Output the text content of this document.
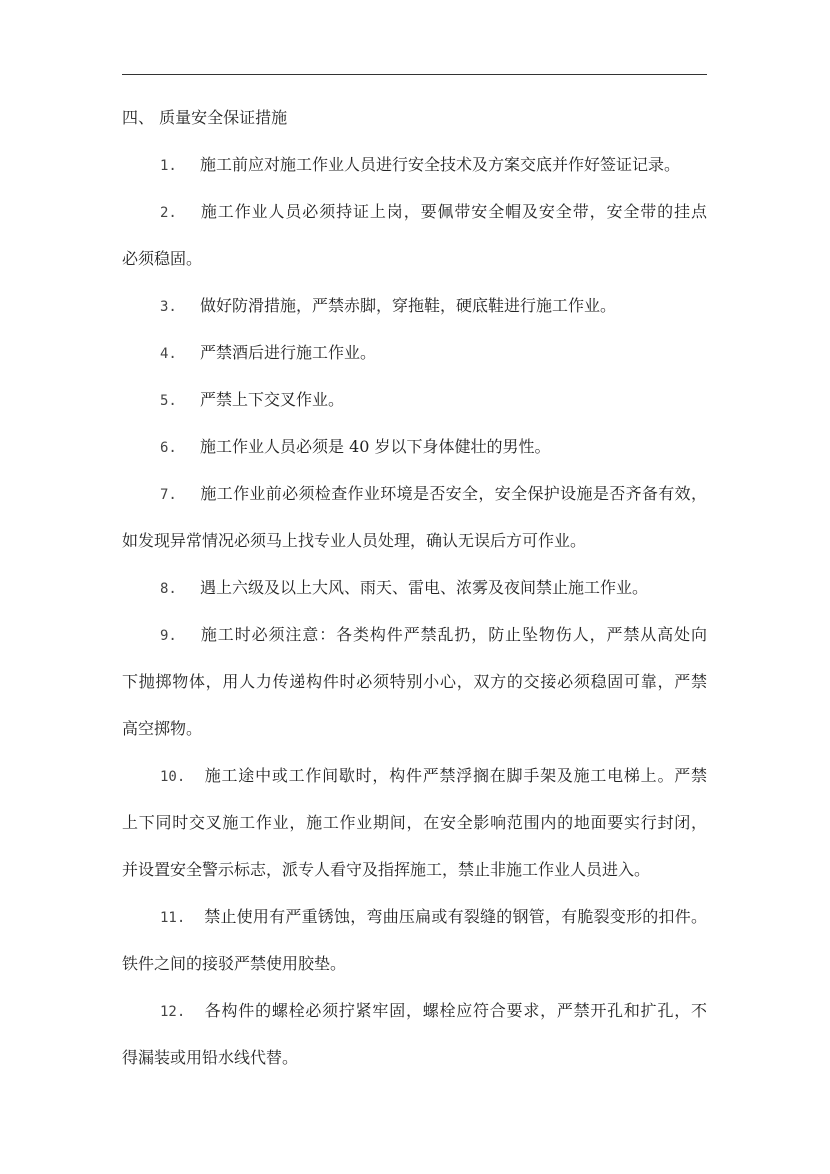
四、 质量安全保证措施
1. 施工前应对施工作业人员进行安全技术及方案交底并作好签证记录。
2. 施工作业人员必须持证上岗，要佩带安全帽及安全带，安全带的挂点
必须稳固。
3. 做好防滑措施，严禁赤脚，穿拖鞋，硬底鞋进行施工作业。
4. 严禁酒后进行施工作业。
5. 严禁上下交叉作业。
6. 施工作业人员必须是 40 岁以下身体健壮的男性。
7. 施工作业前必须检查作业环境是否安全，安全保护设施是否齐备有效，
如发现异常情况必须马上找专业人员处理，确认无误后方可作业。
8. 遇上六级及以上大风、雨天、雷电、浓雾及夜间禁止施工作业。
9. 施工时必须注意：各类构件严禁乱扔，防止坠物伤人，严禁从高处向
下抛掷物体，用人力传递构件时必须特别小心，双方的交接必须稳固可靠，严禁
高空掷物。
10. 施工途中或工作间歇时，构件严禁浮搁在脚手架及施工电梯上。严禁
上下同时交叉施工作业，施工作业期间，在安全影响范围内的地面要实行封闭，
并设置安全警示标志，派专人看守及指挥施工，禁止非施工作业人员进入。
11. 禁止使用有严重锈蚀，弯曲压扁或有裂缝的钢管，有脆裂变形的扣件。
铁件之间的接驳严禁使用胶垫。
12. 各构件的螺栓必须拧紧牢固，螺栓应符合要求，严禁开孔和扩孔，不
得漏装或用铅水线代替。
